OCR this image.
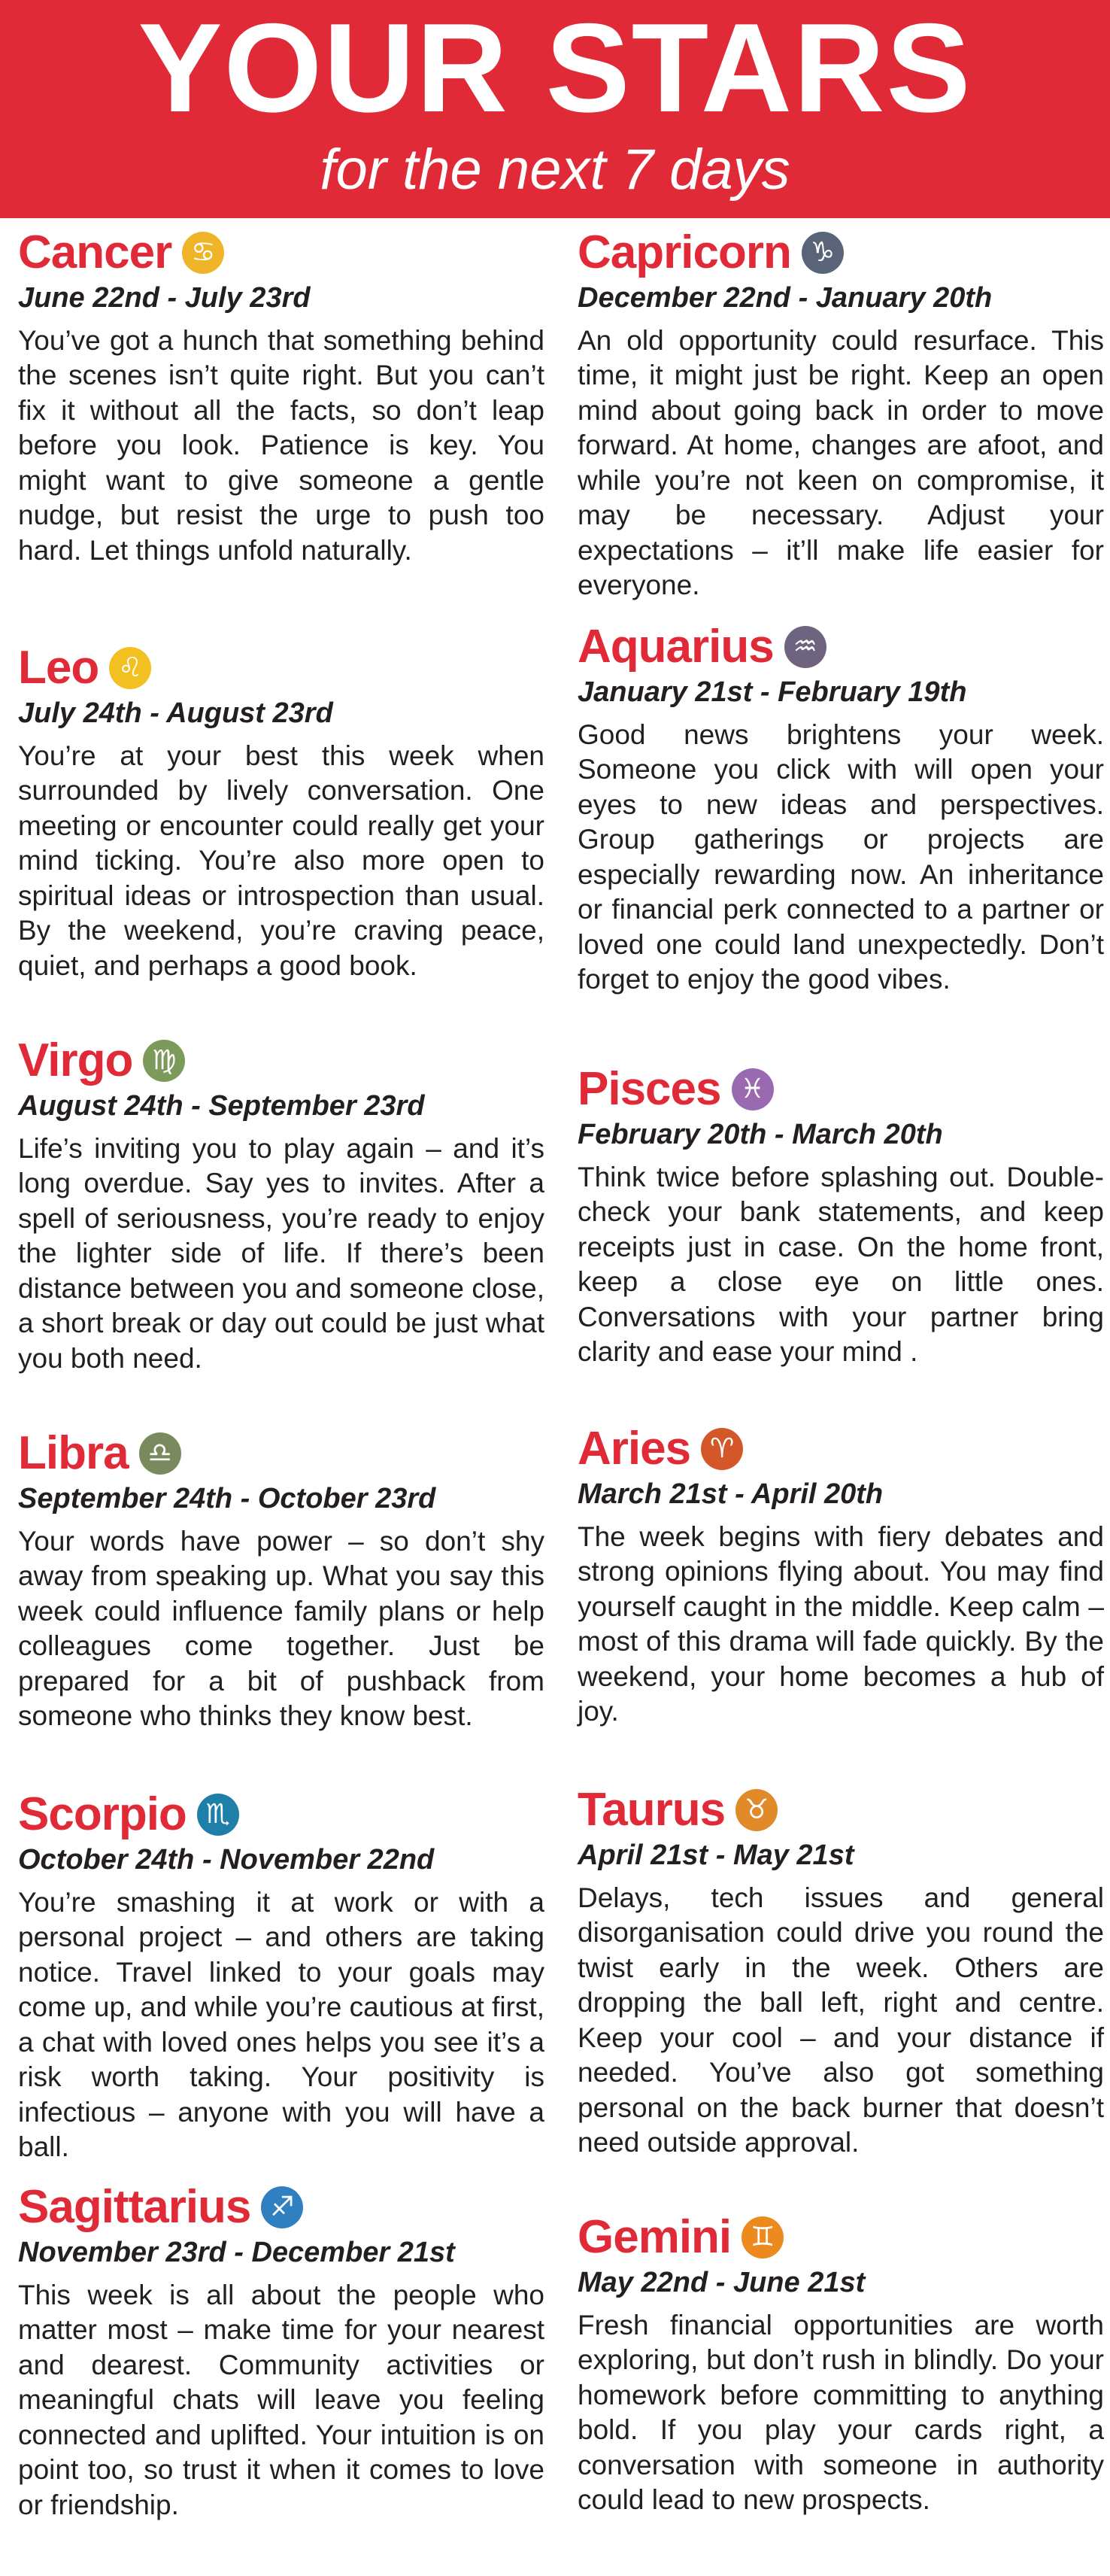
YOUR STARS
for the next 7 days
Cancer ♋
June 22nd - July 23rd
You’ve got a hunch that something behind the scenes isn’t quite right. But you can’t fix it without all the facts, so don’t leap before you look. Patience is key. You might want to give someone a gentle nudge, but resist the urge to push too hard. Let things unfold naturally.
Leo ♌
July 24th - August 23rd
You’re at your best this week when surrounded by lively conversation. One meeting or encounter could really get your mind ticking. You’re also more open to spiritual ideas or introspection than usual. By the weekend, you’re craving peace, quiet, and perhaps a good book.
Virgo ♍
August 24th - September 23rd
Life’s inviting you to play again – and it’s long overdue. Say yes to invites. After a spell of seriousness, you’re ready to enjoy the lighter side of life. If there’s been distance between you and someone close, a short break or day out could be just what you both need.
Libra ♎
September 24th - October 23rd
Your words have power – so don’t shy away from speaking up. What you say this week could influence family plans or help colleagues come together. Just be prepared for a bit of pushback from someone who thinks they know best.
Scorpio ♏
October 24th - November 22nd
You’re smashing it at work or with a personal project – and others are taking notice. Travel linked to your goals may come up, and while you’re cautious at first, a chat with loved ones helps you see it’s a risk worth taking. Your positivity is infectious – anyone with you will have a ball.
Sagittarius ♐
November 23rd - December 21st
This week is all about the people who matter most – make time for your nearest and dearest. Community activities or meaningful chats will leave you feeling connected and uplifted. Your intuition is on point too, so trust it when it comes to love or friendship.
Capricorn ♑
December 22nd - January 20th
An old opportunity could resurface. This time, it might just be right. Keep an open mind about going back in order to move forward. At home, changes are afoot, and while you’re not keen on compromise, it may be necessary. Adjust your expectations – it’ll make life easier for everyone.
Aquarius ♒
January 21st - February 19th
Good news brightens your week. Someone you click with will open your eyes to new ideas and perspectives. Group gatherings or projects are especially rewarding now. An inheritance or financial perk connected to a partner or loved one could land unexpectedly. Don’t forget to enjoy the good vibes.
Pisces ♓
February 20th - March 20th
Think twice before splashing out. Double-check your bank statements, and keep receipts just in case. On the home front, keep a close eye on little ones. Conversations with your partner bring clarity and ease your mind .
Aries ♈
March 21st - April 20th
The week begins with fiery debates and strong opinions flying about. You may find yourself caught in the middle. Keep calm – most of this drama will fade quickly. By the weekend, your home becomes a hub of joy.
Taurus ♉
April 21st - May 21st
Delays, tech issues and general disorganisation could drive you round the twist early in the week. Others are dropping the ball left, right and centre. Keep your cool – and your distance if needed. You’ve also got something personal on the back burner that doesn’t need outside approval.
Gemini ♊
May 22nd - June 21st
Fresh financial opportunities are worth exploring, but don’t rush in blindly. Do your homework before committing to anything bold. If you play your cards right, a conversation with someone in authority could lead to new prospects.
